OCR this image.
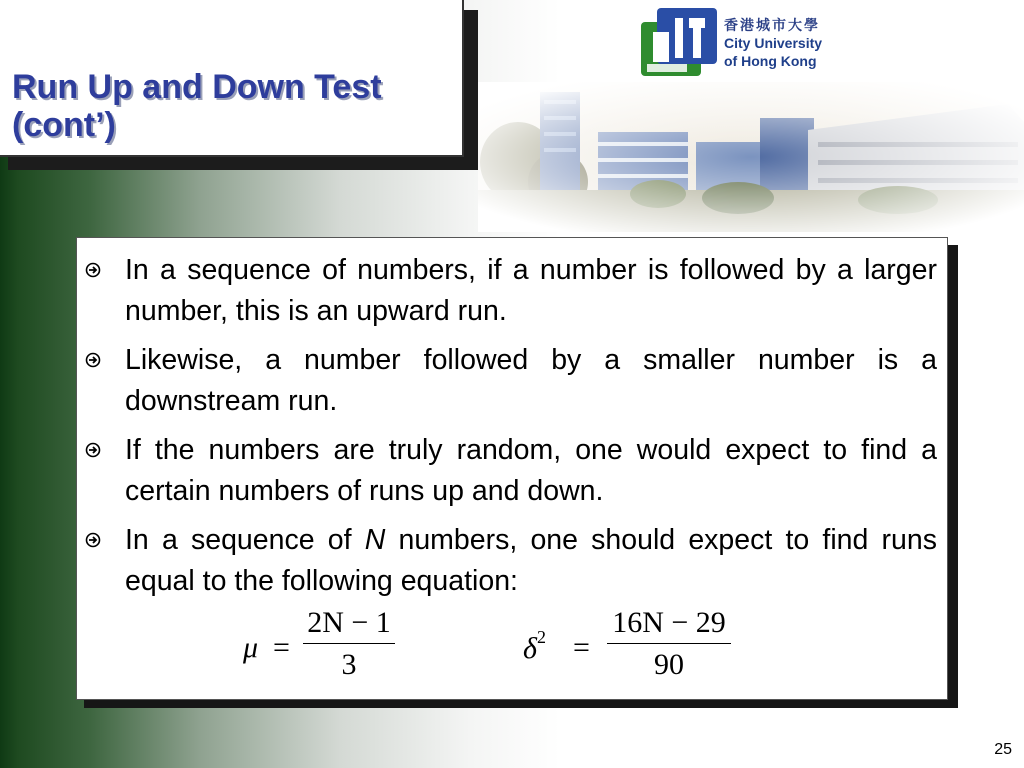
Run Up and Down Test
(cont’)
香港城市大學
City University
of Hong Kong
In a sequence of numbers, if a number is followed by a larger number, this is an upward run.
Likewise, a number followed by a smaller number is a downstream run.
If the numbers are truly random, one would expect to find a certain numbers of runs up and down.
In a sequence of N numbers, one should expect to find runs equal to the following equation:
μ =
2N − 1
3	$\delta^2$ =
16N − 29
90
25
